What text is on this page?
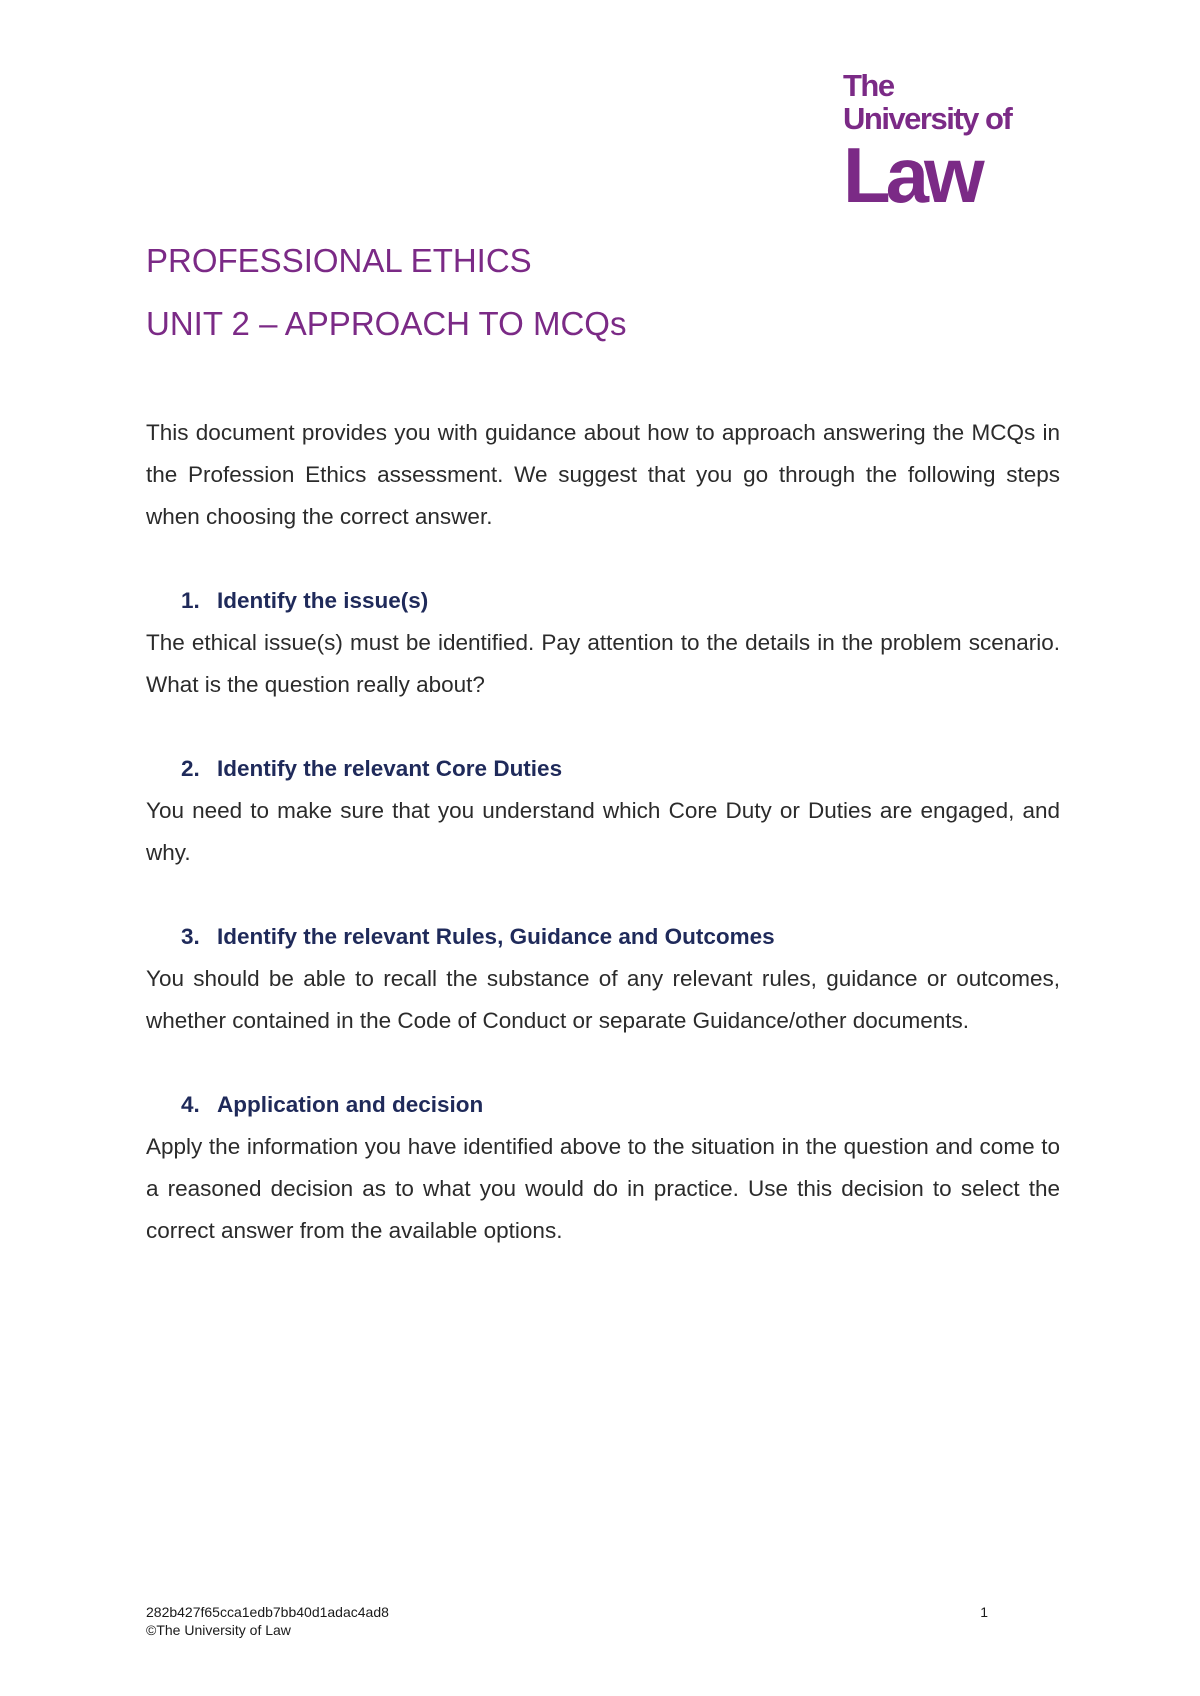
The
University of
Law
PROFESSIONAL ETHICS
UNIT 2 – APPROACH TO MCQs

This document provides you with guidance about how to approach answering the MCQs in the Profession Ethics assessment. We suggest that you go through the following steps when choosing the correct answer.

1. Identify the issue(s)

The ethical issue(s) must be identified. Pay attention to the details in the problem scenario. What is the question really about?

2. Identify the relevant Core Duties

You need to make sure that you understand which Core Duty or Duties are engaged, and why.

3. Identify the relevant Rules, Guidance and Outcomes

You should be able to recall the substance of any relevant rules, guidance or outcomes, whether contained in the Code of Conduct or separate Guidance/other documents.

4. Application and decision

Apply the information you have identified above to the situation in the question and come to a reasoned decision as to what you would do in practice. Use this decision to select the correct answer from the available options.

282b427f65cca1edb7bb40d1adac4ad8
©The University of Law
1
